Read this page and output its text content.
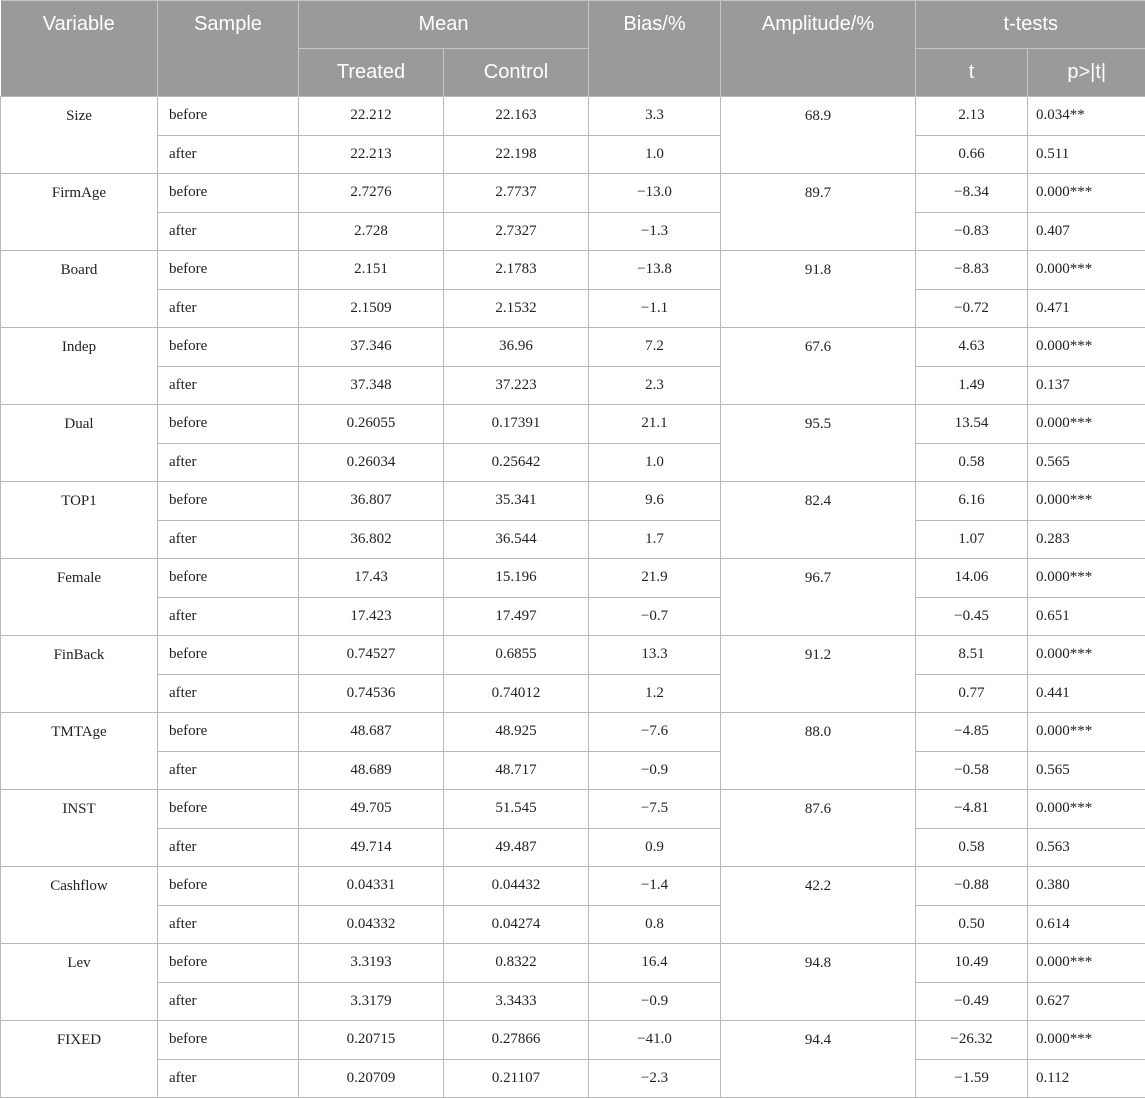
Variable	Sample	Mean		Bias/%	Amplitude/%	t-tests	
		Treated	Control			t	p>|t|
Size	before	22.212	22.163	3.3	68.9	2.13	0.034**
	after	22.213	22.198	1.0		0.66	0.511
FirmAge	before	2.7276	2.7737	−13.0	89.7	−8.34	0.000***
	after	2.728	2.7327	−1.3		−0.83	0.407
Board	before	2.151	2.1783	−13.8	91.8	−8.83	0.000***
	after	2.1509	2.1532	−1.1		−0.72	0.471
Indep	before	37.346	36.96	7.2	67.6	4.63	0.000***
	after	37.348	37.223	2.3		1.49	0.137
Dual	before	0.26055	0.17391	21.1	95.5	13.54	0.000***
	after	0.26034	0.25642	1.0		0.58	0.565
TOP1	before	36.807	35.341	9.6	82.4	6.16	0.000***
	after	36.802	36.544	1.7		1.07	0.283
Female	before	17.43	15.196	21.9	96.7	14.06	0.000***
	after	17.423	17.497	−0.7		−0.45	0.651
FinBack	before	0.74527	0.6855	13.3	91.2	8.51	0.000***
	after	0.74536	0.74012	1.2		0.77	0.441
TMTAge	before	48.687	48.925	−7.6	88.0	−4.85	0.000***
	after	48.689	48.717	−0.9		−0.58	0.565
INST	before	49.705	51.545	−7.5	87.6	−4.81	0.000***
	after	49.714	49.487	0.9		0.58	0.563
Cashflow	before	0.04331	0.04432	−1.4	42.2	−0.88	0.380
	after	0.04332	0.04274	0.8		0.50	0.614
Lev	before	3.3193	0.8322	16.4	94.8	10.49	0.000***
	after	3.3179	3.3433	−0.9		−0.49	0.627
FIXED	before	0.20715	0.27866	−41.0	94.4	−26.32	0.000***
	after	0.20709	0.21107	−2.3		−1.59	0.112
